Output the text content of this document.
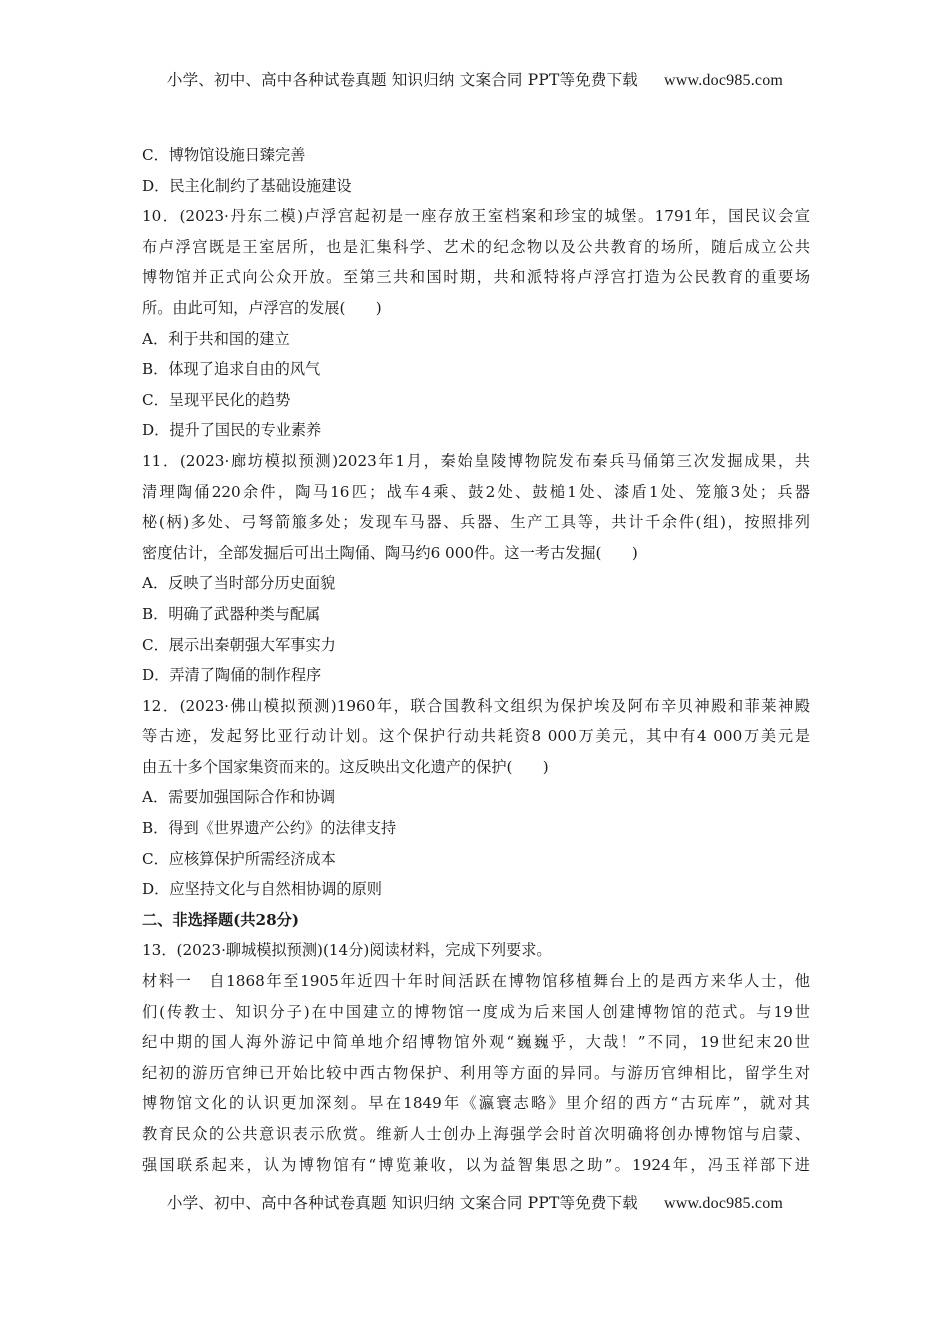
小学、初中、高中各种试卷真题 知识归纳 文案合同 PPT等免费下载 www.doc985.com
C．博物馆设施日臻完善
D．民主化制约了基础设施建设
10．(2023·丹东二模)卢浮宫起初是一座存放王室档案和珍宝的城堡。1791年，国民议会宣
布卢浮宫既是王室居所，也是汇集科学、艺术的纪念物以及公共教育的场所，随后成立公共
博物馆并正式向公众开放。至第三共和国时期，共和派特将卢浮宫打造为公民教育的重要场
所。由此可知，卢浮宫的发展(　　)
A．利于共和国的建立
B．体现了追求自由的风气
C．呈现平民化的趋势
D．提升了国民的专业素养
11．(2023·廊坊模拟预测)2023年1月，秦始皇陵博物院发布秦兵马俑第三次发掘成果，共
清理陶俑220余件，陶马16匹；战车4乘、鼓2处、鼓槌1处、漆盾1处、笼箙3处；兵器
柲(柄)多处、弓弩箭箙多处；发现车马器、兵器、生产工具等，共计千余件(组)，按照排列
密度估计，全部发掘后可出土陶俑、陶马约6 000件。这一考古发掘(　　)
A．反映了当时部分历史面貌
B．明确了武器种类与配属
C．展示出秦朝强大军事实力
D．弄清了陶俑的制作程序
12．(2023·佛山模拟预测)1960年，联合国教科文组织为保护埃及阿布辛贝神殿和菲莱神殿
等古迹，发起努比亚行动计划。这个保护行动共耗资8 000万美元，其中有4 000万美元是
由五十多个国家集资而来的。这反映出文化遗产的保护(　　)
A．需要加强国际合作和协调
B．得到《世界遗产公约》的法律支持
C．应核算保护所需经济成本
D．应坚持文化与自然相协调的原则
二、非选择题(共28分)
13．(2023·聊城模拟预测)(14分)阅读材料，完成下列要求。
材料一　自1868年至1905年近四十年时间活跃在博物馆移植舞台上的是西方来华人士，他
们(传教士、知识分子)在中国建立的博物馆一度成为后来国人创建博物馆的范式。与19世
纪中期的国人海外游记中简单地介绍博物馆外观“巍巍乎，大哉！”不同，19世纪末20世
纪初的游历官绅已开始比较中西古物保护、利用等方面的异同。与游历官绅相比，留学生对
博物馆文化的认识更加深刻。早在1849年《瀛寰志略》里介绍的西方“古玩库”，就对其
教育民众的公共意识表示欣赏。维新人士创办上海强学会时首次明确将创办博物馆与启蒙、
强国联系起来，认为博物馆有“博览兼收，以为益智集思之助”。1924年，冯玉祥部下进
小学、初中、高中各种试卷真题 知识归纳 文案合同 PPT等免费下载 www.doc985.com
